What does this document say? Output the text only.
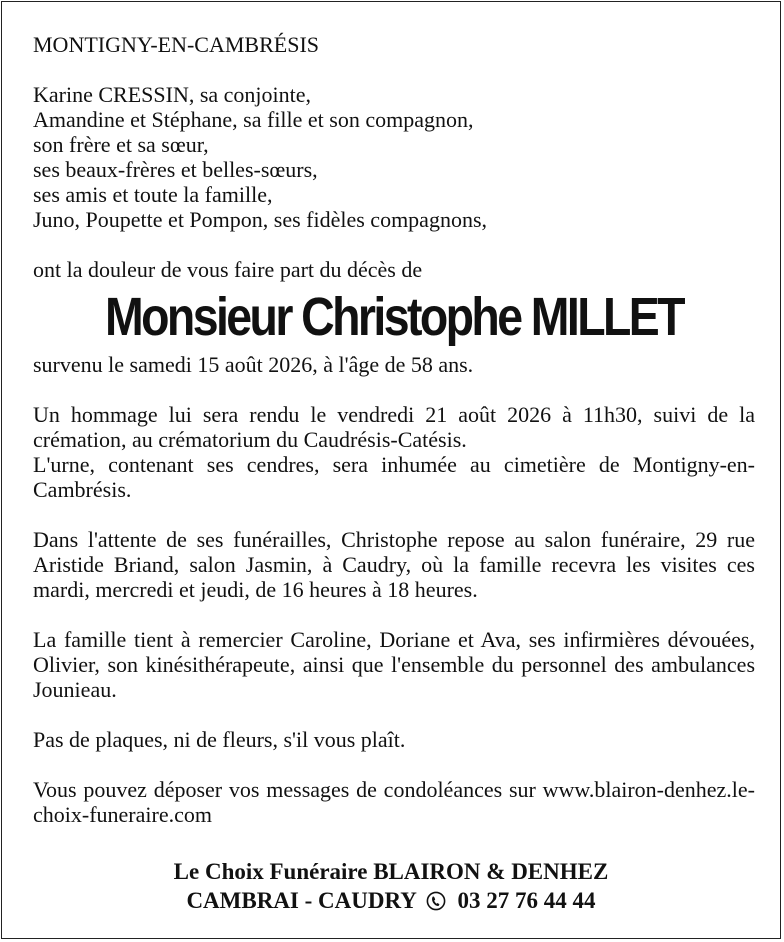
MONTIGNY-EN-CAMBRÉSIS
Karine CRESSIN, sa conjointe,
Amandine et Stéphane, sa fille et son compagnon,
son frère et sa sœur,
ses beaux-frères et belles-sœurs,
ses amis et toute la famille,
Juno, Poupette et Pompon, ses fidèles compagnons,
ont la douleur de vous faire part du décès de
Monsieur Christophe MILLET
survenu le samedi 15 août 2026, à l'âge de 58 ans.
Un hommage lui sera rendu le vendredi 21 août 2026 à 11h30, suivi de la crémation, au crématorium du Caudrésis-Catésis.
L'urne, contenant ses cendres, sera inhumée au cimetière de Montigny-en-Cambrésis.
Dans l'attente de ses funérailles, Christophe repose au salon funéraire, 29 rue Aristide Briand, salon Jasmin, à Caudry, où la famille recevra les visites ces mardi, mercredi et jeudi, de 16 heures à 18 heures.
La famille tient à remercier Caroline, Doriane et Ava, ses infirmières dévouées, Olivier, son kinésithérapeute, ainsi que l'ensemble du personnel des ambulances Jounieau.
Pas de plaques, ni de fleurs, s'il vous plaît.
Vous pouvez déposer vos messages de condoléances sur www.blairon-denhez.le-choix-funeraire.com
Le Choix Funéraire BLAIRON & DENHEZ
CAMBRAI - CAUDRY 03 27 76 44 44
